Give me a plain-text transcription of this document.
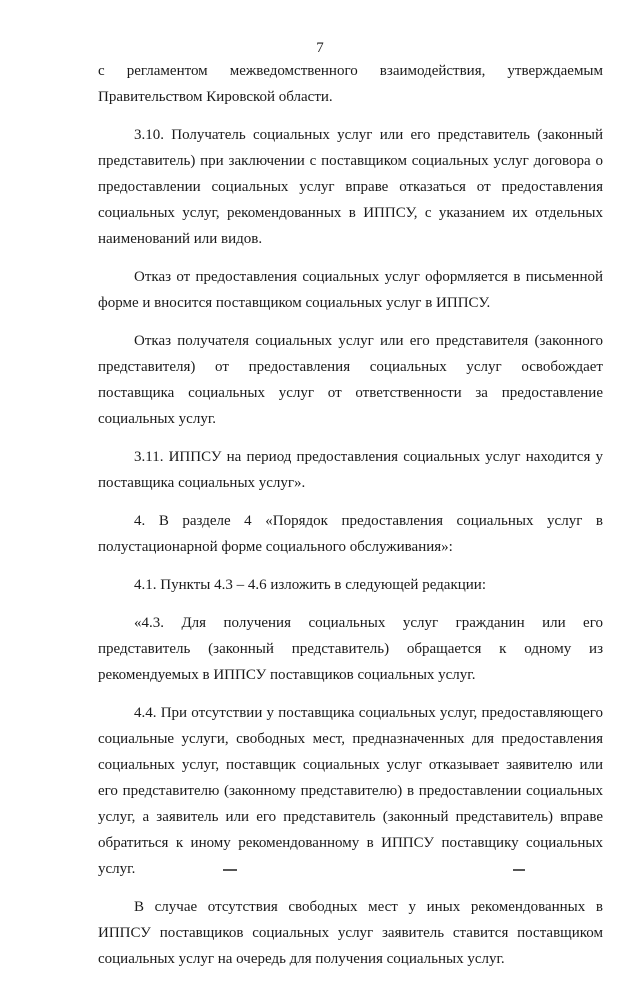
7

с регламентом межведомственного взаимодействия, утверждаемым Правительством Кировской области.

3.10. Получатель социальных услуг или его представитель (законный представитель) при заключении с поставщиком социальных услуг договора о предоставлении социальных услуг вправе отказаться от предоставления социальных услуг, рекомендованных в ИППСУ, с указанием их отдельных наименований или видов.

Отказ от предоставления социальных услуг оформляется в письменной форме и вносится поставщиком социальных услуг в ИППСУ.

Отказ получателя социальных услуг или его представителя (законного представителя) от предоставления социальных услуг освобождает поставщика социальных услуг от ответственности за предоставление социальных услуг.

3.11. ИППСУ на период предоставления социальных услуг находится у поставщика социальных услуг».

4. В разделе 4 «Порядок предоставления социальных услуг в полустационарной форме социального обслуживания»:

4.1. Пункты 4.3 – 4.6 изложить в следующей редакции:

«4.3. Для получения социальных услуг гражданин или его представитель (законный представитель) обращается к одному из рекомендуемых в ИППСУ поставщиков социальных услуг.

4.4. При отсутствии у поставщика социальных услуг, предоставляющего социальные услуги, свободных мест, предназначенных для предоставления социальных услуг, поставщик социальных услуг отказывает заявителю или его представителю (законному представителю) в предоставлении социальных услуг, а заявитель или его представитель (законный представитель) вправе обратиться к иному рекомендованному в ИППСУ поставщику социальных услуг.

В случае отсутствия свободных мест у иных рекомендованных в ИППСУ поставщиков социальных услуг заявитель ставится поставщиком социальных услуг на очередь для получения социальных услуг.
